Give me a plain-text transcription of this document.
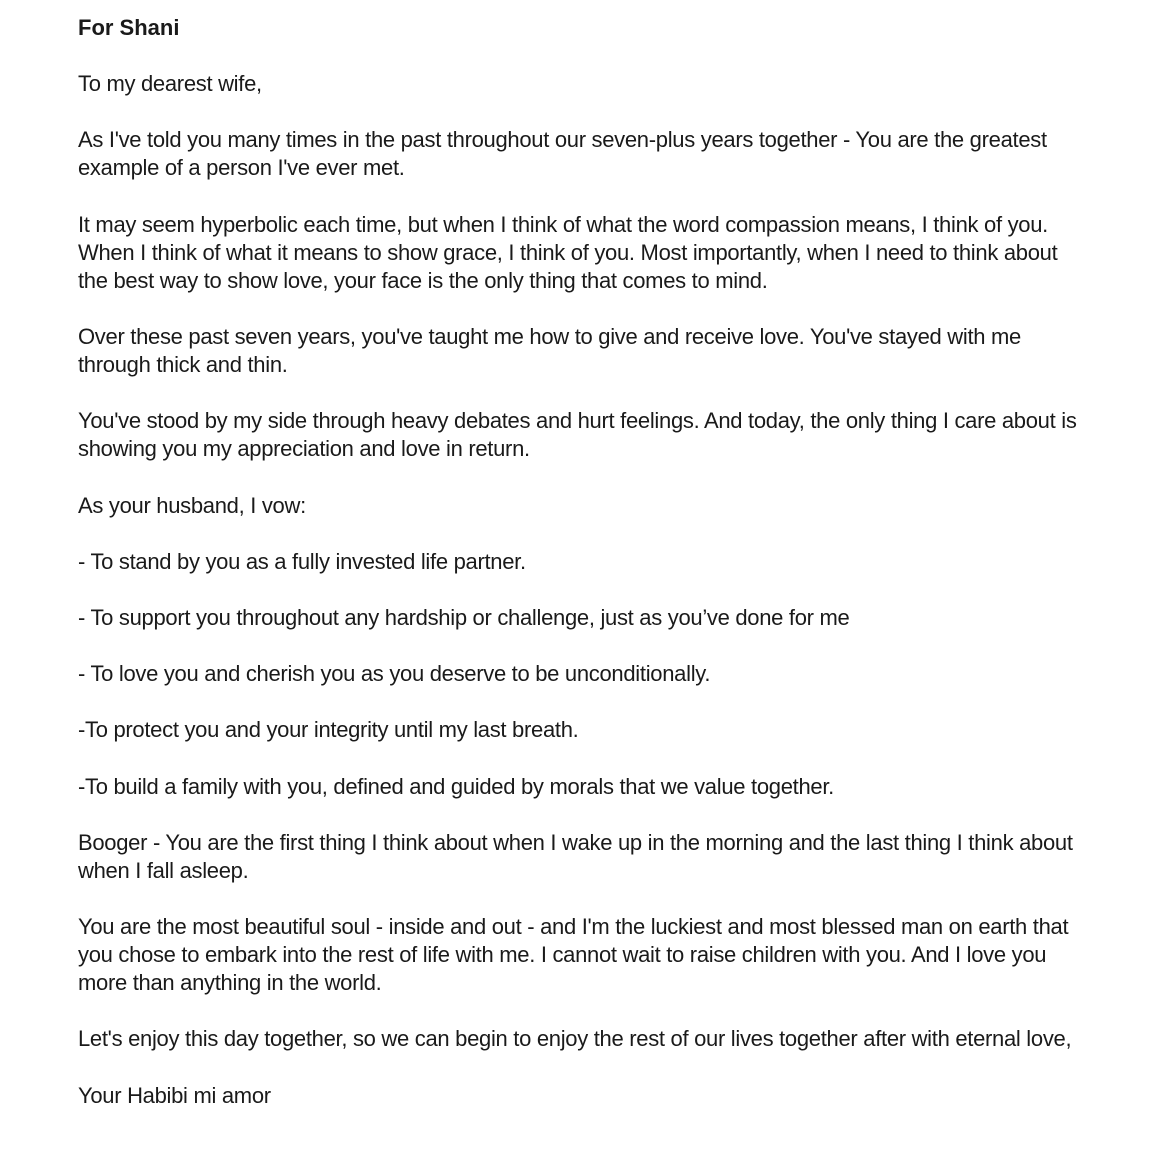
For Shani

To my dearest wife,

As I've told you many times in the past throughout our seven-plus years together - You are the greatest example of a person I've ever met.

It may seem hyperbolic each time, but when I think of what the word compassion means, I think of you. When I think of what it means to show grace, I think of you. Most importantly, when I need to think about the best way to show love, your face is the only thing that comes to mind.

Over these past seven years, you've taught me how to give and receive love. You've stayed with me through thick and thin.

You've stood by my side through heavy debates and hurt feelings. And today, the only thing I care about is showing you my appreciation and love in return.

As your husband, I vow:

- To stand by you as a fully invested life partner.

- To support you throughout any hardship or challenge, just as you’ve done for me

- To love you and cherish you as you deserve to be unconditionally.

-To protect you and your integrity until my last breath.

-To build a family with you, defined and guided by morals that we value together.

Booger - You are the first thing I think about when I wake up in the morning and the last thing I think about when I fall asleep.

You are the most beautiful soul - inside and out - and I'm the luckiest and most blessed man on earth that you chose to embark into the rest of life with me. I cannot wait to raise children with you. And I love you more than anything in the world.

Let's enjoy this day together, so we can begin to enjoy the rest of our lives together after with eternal love,

Your Habibi mi amor
